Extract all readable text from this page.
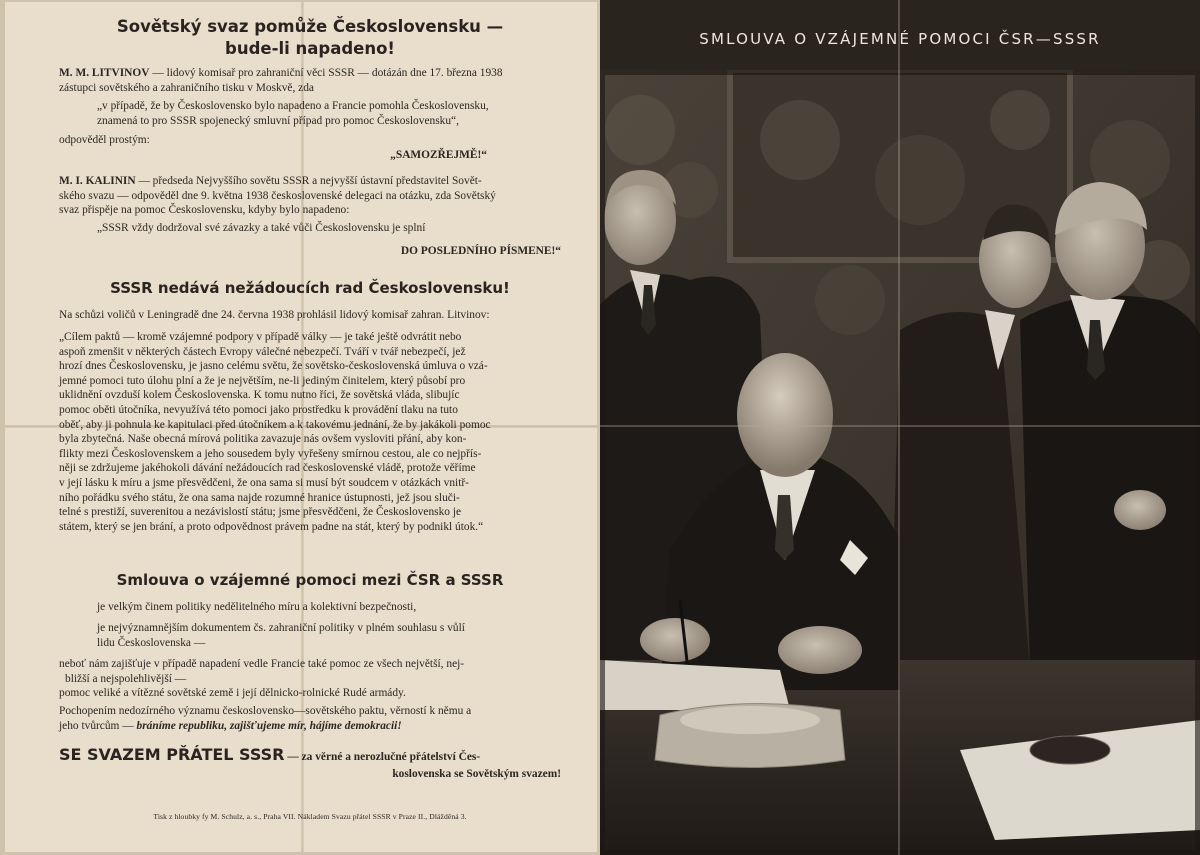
Sovětský svaz pomůže Československu —
bude-li napadeno!
M. M. LITVINOV — lidový komisař pro zahraniční věci SSSR — dotázán dne 17. března 1938
zástupci sovětského a zahraničního tisku v Moskvě, zda
„v případě, že by Československo bylo napadeno a Francie pomohla Československu,
znamená to pro SSSR spojenecký smluvní případ pro pomoc Československu“,
odpověděl prostým:
„SAMOZŘEJMĚ!“
M. I. KALININ — předseda Nejvyššího sovětu SSSR a nejvyšší ústavní představitel Sovět-
ského svazu — odpověděl dne 9. května 1938 československé delegaci na otázku, zda Sovětský
svaz přispěje na pomoc Československu, kdyby bylo napadeno:
„SSSR vždy dodržoval své závazky a také vůči Československu je splní
DO POSLEDNÍHO PÍSMENE!“
SSSR nedává nežádoucích rad Československu!
Na schůzi voličů v Leningradě dne 24. června 1938 prohlásil lidový komisař zahran. Litvinov:
„Cílem paktů — kromě vzájemné podpory v případě války — je také ještě odvrátit nebo
aspoň zmenšit v některých částech Evropy válečné nebezpečí. Tváří v tvář nebezpečí, jež
hrozí dnes Československu, je jasno celému světu, že sovětsko-československá úmluva o vzá-
jemné pomoci tuto úlohu plní a že je největším, ne-li jediným činitelem, který působí pro
uklidnění ovzduší kolem Československa. K tomu nutno říci, že sovětská vláda, slibujíc
pomoc oběti útočníka, nevyužívá této pomoci jako prostředku k provádění tlaku na tuto
oběť, aby ji pohnula ke kapitulaci před útočníkem a k takovému jednání, že by jakákoli pomoc
byla zbytečná. Naše obecná mírová politika zavazuje nás ovšem vysloviti přání, aby kon-
flikty mezi Československem a jeho sousedem byly vyřešeny smírnou cestou, ale co nejpřís-
něji se zdržujeme jakéhokoli dávání nežádoucích rad československé vládě, protože věříme
v její lásku k míru a jsme přesvědčeni, že ona sama si musí být soudcem v otázkách vnitř-
ního pořádku svého státu, že ona sama najde rozumné hranice ústupnosti, jež jsou sluči-
telné s prestiží, suverenitou a nezávislostí státu; jsme přesvědčeni, že Československo je
státem, který se jen brání, a proto odpovědnost právem padne na stát, který by podnikl útok.“
Smlouva o vzájemné pomoci mezi ČSR a SSSR
je velkým činem politiky nedělitelného míru a kolektivní bezpečnosti,
je nejvýznamnějším dokumentem čs. zahraniční politiky v plném souhlasu s vůlí
lidu Československa —
neboť nám zajišťuje v případě napadení vedle Francie také pomoc ze všech největší, nej-
bližší a nejspolehlivější —
pomoc veliké a vítězné sovětské země i její dělnicko-rolnické Rudé armády.
Pochopením nedozírného významu československo—sovětského paktu, věrností k němu a
jeho tvůrcům — bráníme republiku, zajišťujeme mír, hájíme demokracii!
SE SVAZEM PŘÁTEL SSSR — za věrné a nerozlučné přátelství Čes-
koslovenska se Sovětským svazem!
Tisk z hloubky fy M. Schulz, a. s., Praha VII. Nákladem Svazu přátel SSSR v Praze II., Dlážděná 3.
SMLOUVA O VZÁJEMNÉ POMOCI ČSR—SSSR
